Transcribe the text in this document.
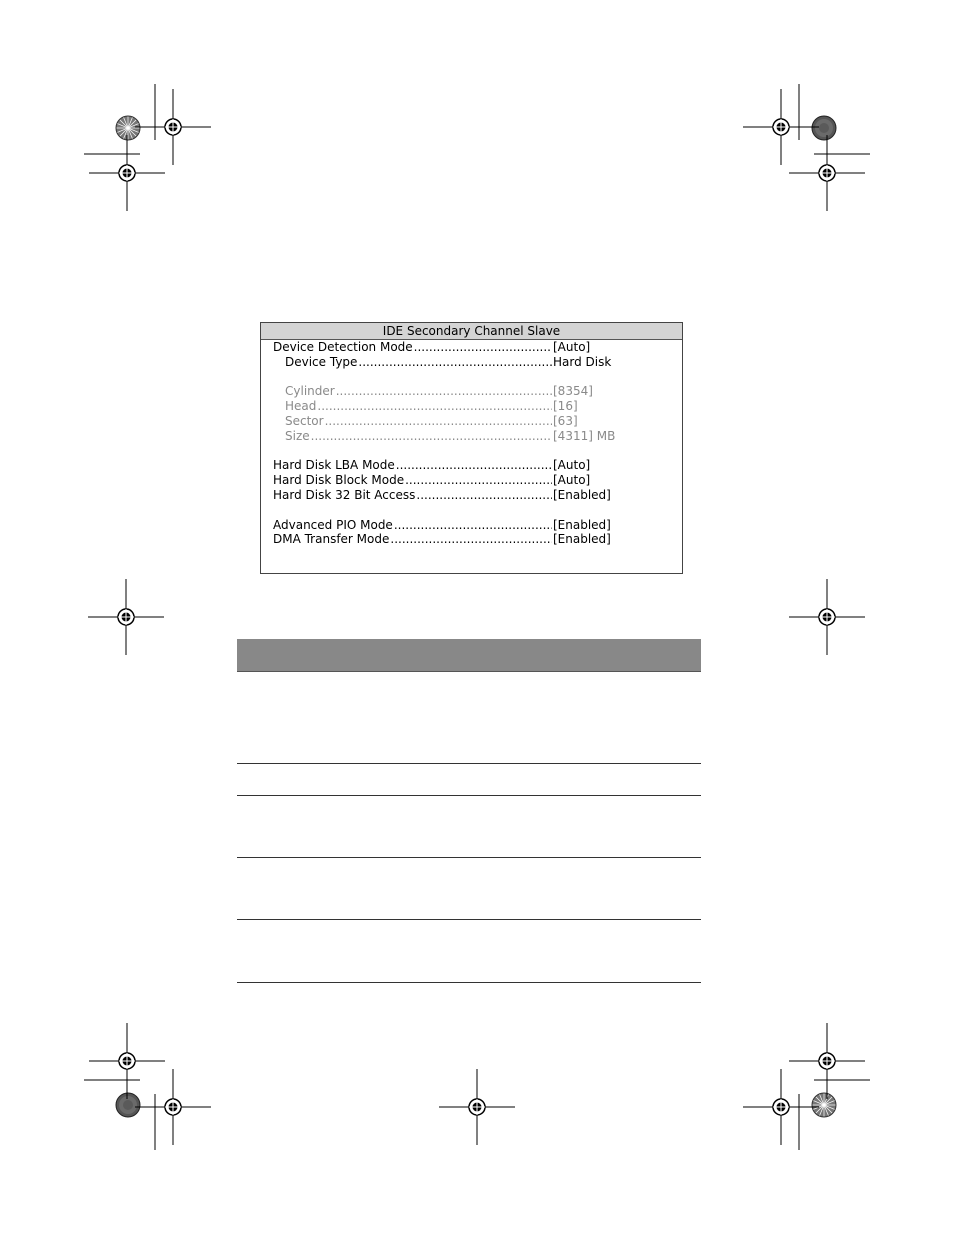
IDE Secondary Channel Slave
Device Detection Mode .....	[Auto]
Device Type .....	Hard Disk
Cylinder .....	[8354]
Head .....	[16]
Sector .....	[63]
Size .....	[4311] MB
Hard Disk LBA Mode .....	[Auto]
Hard Disk Block Mode .....	[Auto]
Hard Disk 32 Bit Access .....	[Enabled]
Advanced PIO Mode .....	[Enabled]
DMA Transfer Mode .....	[Enabled]
